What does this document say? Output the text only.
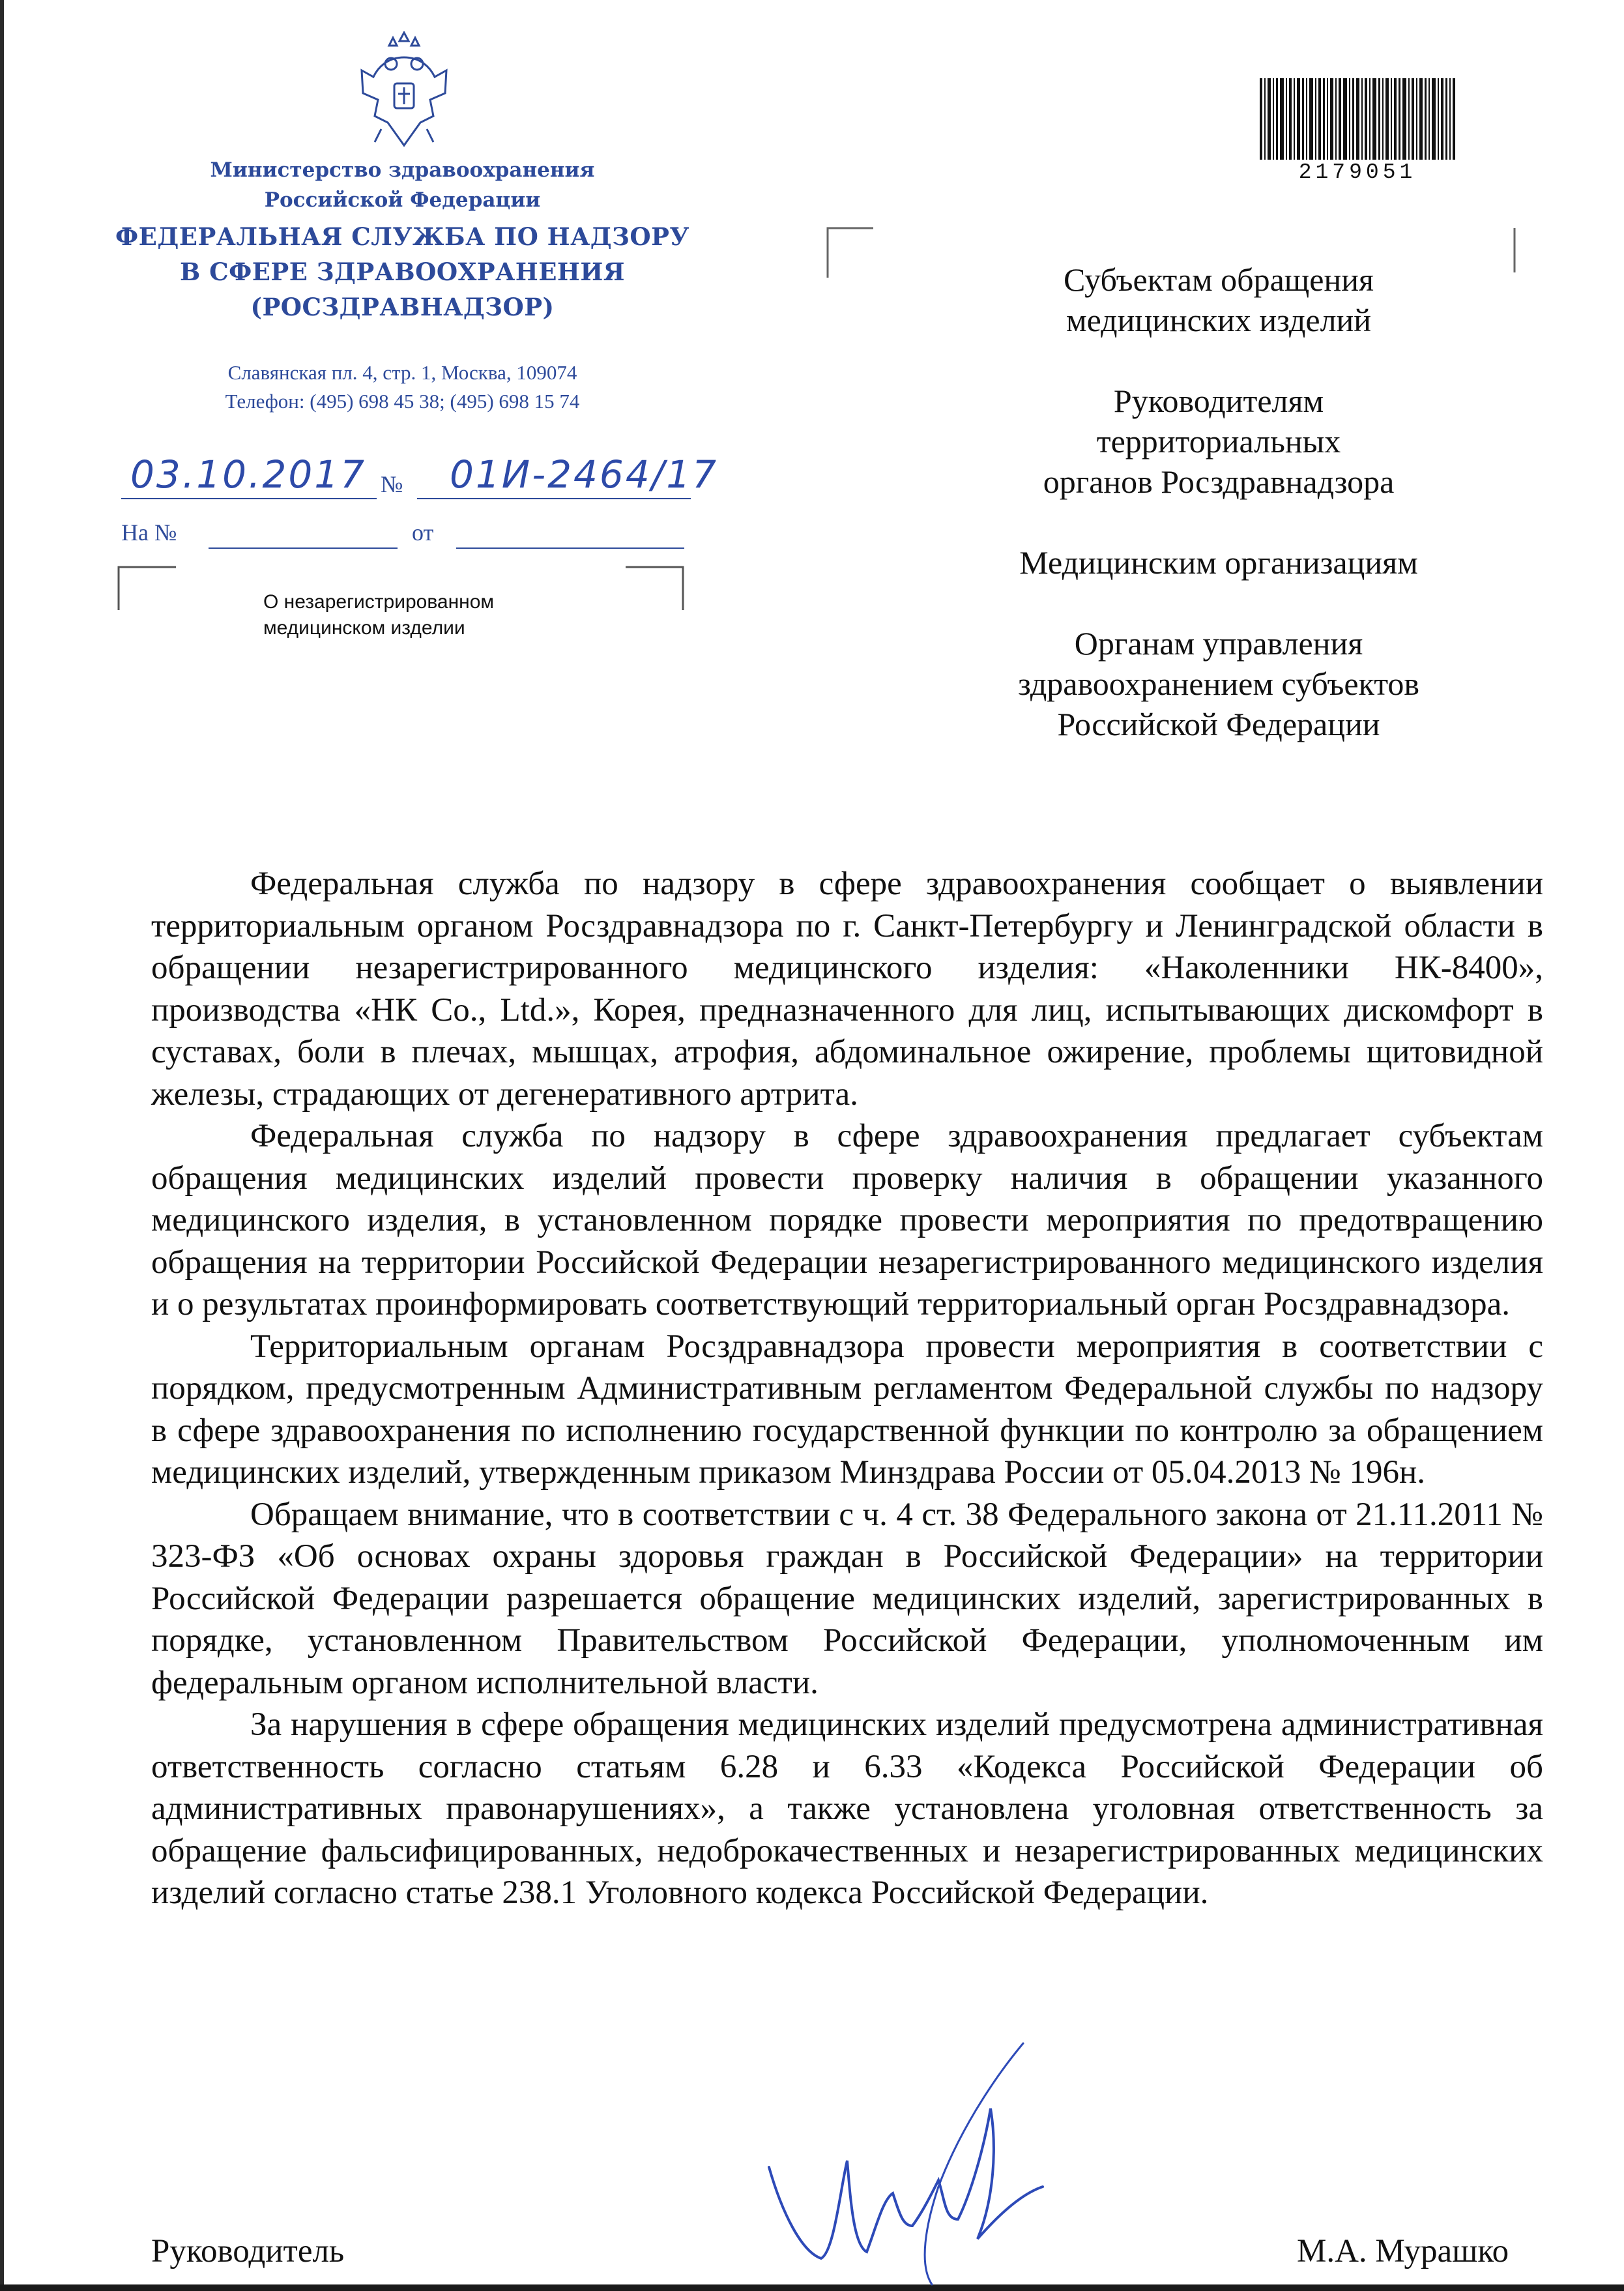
Министерство здравоохранения
Российской Федерации
ФЕДЕРАЛЬНАЯ СЛУЖБА ПО НАДЗОРУ
В СФЕРЕ ЗДРАВООХРАНЕНИЯ
(РОСЗДРАВНАДЗОР)
Славянская пл. 4, стр. 1, Москва, 109074
Телефон: (495) 698 45 38; (495) 698 15 74
03.10.2017 № 01И-2464/17
На №	от
О незарегистрированном
медицинском изделии
2179051

Субъектам обращения
медицинских изделий

Руководителям
территориальных
органов Росздравнадзора

Медицинским организациям

Органам управления
здравоохранением субъектов
Российской Федерации

Федеральная служба по надзору в сфере здравоохранения сообщает о выявлении территориальным органом Росздравнадзора по г. Санкт-Петербургу и Ленинградской области в обращении незарегистрированного медицинского изделия: «Наколенники НК-8400», производства «НК Co., Ltd.», Корея, предназначенного для лиц, испытывающих дискомфорт в суставах, боли в плечах, мышцах, атрофия, абдоминальное ожирение, проблемы щитовидной железы, страдающих от дегенеративного артрита.

Федеральная служба по надзору в сфере здравоохранения предлагает субъектам обращения медицинских изделий провести проверку наличия в обращении указанного медицинского изделия, в установленном порядке провести мероприятия по предотвращению обращения на территории Российской Федерации незарегистрированного медицинского изделия и о результатах проинформировать соответствующий территориальный орган Росздравнадзора.

Территориальным органам Росздравнадзора провести мероприятия в соответствии с порядком, предусмотренным Административным регламентом Федеральной службы по надзору в сфере здравоохранения по исполнению государственной функции по контролю за обращением медицинских изделий, утвержденным приказом Минздрава России от 05.04.2013 № 196н.

Обращаем внимание, что в соответствии с ч. 4 ст. 38 Федерального закона от 21.11.2011 № 323-ФЗ «Об основах охраны здоровья граждан в Российской Федерации» на территории Российской Федерации разрешается обращение медицинских изделий, зарегистрированных в порядке, установленном Правительством Российской Федерации, уполномоченным им федеральным органом исполнительной власти.

За нарушения в сфере обращения медицинских изделий предусмотрена административная ответственность согласно статьям 6.28 и 6.33 «Кодекса Российской Федерации об административных правонарушениях», а также установлена уголовная ответственность за обращение фальсифицированных, недоброкачественных и незарегистрированных медицинских изделий согласно статье 238.1 Уголовного кодекса Российской Федерации.

Руководитель	М.А. Мурашко
